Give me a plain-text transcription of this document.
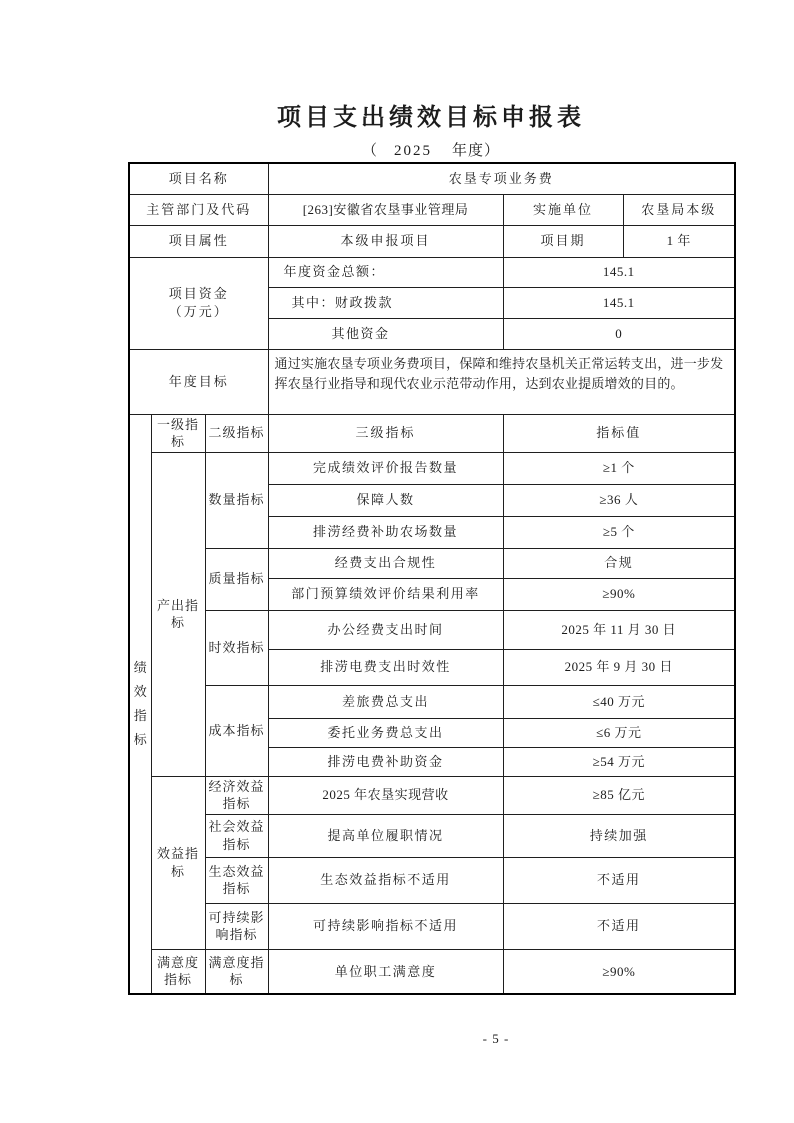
项目支出绩效目标申报表
（ 2025 年度）
项目名称			农垦专项业务费		
主管部门及代码			[263]安徽省农垦事业管理局	实施单位	农垦局本级
项目属性			本级申报项目	项目期	1 年

项目资金
（万元）			年度资金总额：	145.1	
			其中：财政拨款	145.1	
			其他资金	0	
年度目标			通过实施农垦专项业务费项目，保障和维持农垦机关正常运转支出，进一步发挥农垦行业指导和现代农业示范带动作用，达到农业提质增效的目的。		
绩效指标	一级指标	二级指标	三级指标	指标值	
	产出指标	数量指标	完成绩效评价报告数量	≥1 个	
			保障人数	≥36 人	
			排涝经费补助农场数量	≥5 个	
		质量指标	经费支出合规性	合规	
			部门预算绩效评价结果利用率	≥90%	
		时效指标	办公经费支出时间	2025 年 11 月 30 日	
			排涝电费支出时效性	2025 年 9 月 30 日	
		成本指标	差旅费总支出	≤40 万元	
			委托业务费总支出	≤6 万元	
			排涝电费补助资金	≥54 万元	
	效益指标	经济效益指标	2025 年农垦实现营收	≥85 亿元	
		社会效益指标	提高单位履职情况	持续加强	
		生态效益指标	生态效益指标不适用	不适用	
		可持续影响指标	可持续影响指标不适用	不适用	
	满意度指标	满意度指标	单位职工满意度	≥90%	
- 5 -
